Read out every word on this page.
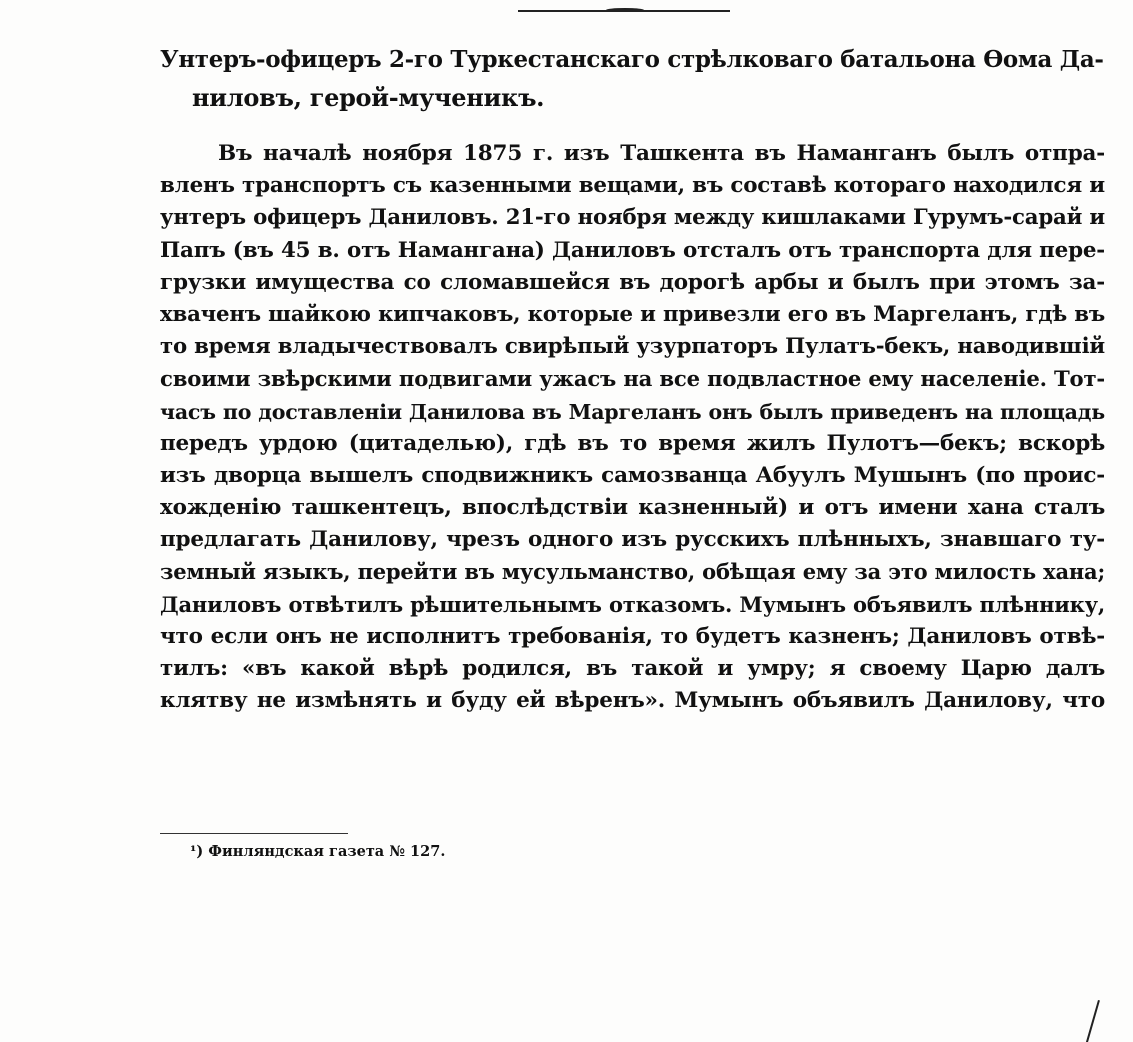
Унтеръ-офицеръ 2-го Туркестанскаго стрѣлковаго батальона Ѳома Да-
ниловъ, герой-мученикъ.
Въ началѣ ноября 1875 г. изъ Ташкента въ Наманганъ былъ отпра-
вленъ транспортъ съ казенными вещами, въ составѣ котораго находился и
унтеръ офицеръ Даниловъ. 21-го ноября между кишлаками Гурумъ-сарай и
Папъ (въ 45 в. отъ Намангана) Даниловъ отсталъ отъ транспорта для пере-
грузки имущества со сломавшейся въ дорогѣ арбы и былъ при этомъ за-
хваченъ шайкою кипчаковъ, которые и привезли его въ Маргеланъ, гдѣ въ
то время владычествовалъ свирѣпый узурпаторъ Пулатъ-бекъ, наводившій
своими звѣрскими подвигами ужасъ на все подвластное ему населеніе. Тот-
часъ по доставленіи Данилова въ Маргеланъ онъ былъ приведенъ на площадь
передъ урдою (цитаделью), гдѣ въ то время жилъ Пулотъ—бекъ; вскорѣ
изъ дворца вышелъ сподвижникъ самозванца Абуулъ Мушынъ (по проис-
хожденію ташкентецъ, впослѣдствіи казненный) и отъ имени хана сталъ
предлагать Данилову, чрезъ одного изъ русскихъ плѣнныхъ, знавшаго ту-
земный языкъ, перейти въ мусульманство, обѣщая ему за это милость хана;
Даниловъ отвѣтилъ рѣшительнымъ отказомъ. Мумынъ объявилъ плѣннику,
что если онъ не исполнитъ требованія, то будетъ казненъ; Даниловъ отвѣ-
тилъ: «въ какой вѣрѣ родился, въ такой и умру; я своему Царю далъ
клятву не измѣнять и буду ей вѣренъ». Мумынъ объявилъ Данилову, что
¹) Финляндская газета № 127.
